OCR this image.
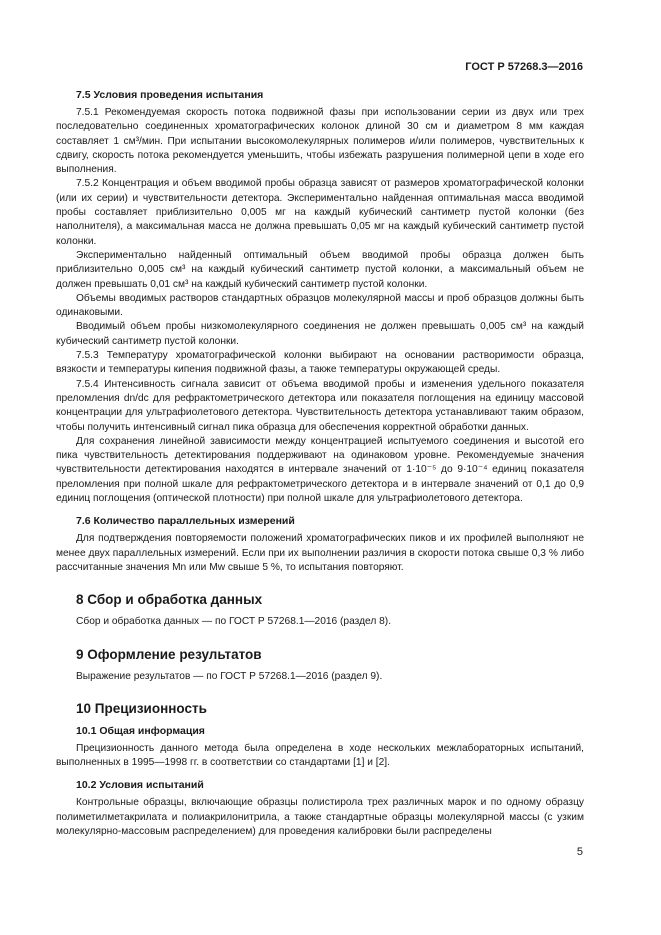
ГОСТ Р 57268.3—2016
7.5 Условия проведения испытания

7.5.1 Рекомендуемая скорость потока подвижной фазы при использовании серии из двух или трех последовательно соединенных хроматографических колонок длиной 30 см и диаметром 8 мм каждая составляет 1 см³/мин. При испытании высокомолекулярных полимеров и/или полимеров, чувствительных к сдвигу, скорость потока рекомендуется уменьшить, чтобы избежать разрушения полимерной цепи в ходе его выполнения.

7.5.2 Концентрация и объем вводимой пробы образца зависят от размеров хроматографической колонки (или их серии) и чувствительности детектора. Экспериментально найденная оптимальная масса вводимой пробы составляет приблизительно 0,005 мг на каждый кубический сантиметр пустой колонки (без наполнителя), а максимальная масса не должна превышать 0,05 мг на каждый кубический сантиметр пустой колонки.

Экспериментально найденный оптимальный объем вводимой пробы образца должен быть приблизительно 0,005 см³ на каждый кубический сантиметр пустой колонки, а максимальный объем не должен превышать 0,01 см³ на каждый кубический сантиметр пустой колонки.

Объемы вводимых растворов стандартных образцов молекулярной массы и проб образцов должны быть одинаковыми.

Вводимый объем пробы низкомолекулярного соединения не должен превышать 0,005 см³ на каждый кубический сантиметр пустой колонки.

7.5.3 Температуру хроматографической колонки выбирают на основании растворимости образца, вязкости и температуры кипения подвижной фазы, а также температуры окружающей среды.

7.5.4 Интенсивность сигнала зависит от объема вводимой пробы и изменения удельного показателя преломления dn/dc для рефрактометрического детектора или показателя поглощения на единицу массовой концентрации для ультрафиолетового детектора. Чувствительность детектора устанавливают таким образом, чтобы получить интенсивный сигнал пика образца для обеспечения корректной обработки данных.

Для сохранения линейной зависимости между концентрацией испытуемого соединения и высотой его пика чувствительность детектирования поддерживают на одинаковом уровне. Рекомендуемые значения чувствительности детектирования находятся в интервале значений от 1·10⁻⁵ до 9·10⁻⁴ единиц показателя преломления при полной шкале для рефрактометрического детектора и в интервале значений от 0,1 до 0,9 единиц поглощения (оптической плотности) при полной шкале для ультрафиолетового детектора.

7.6 Количество параллельных измерений

Для подтверждения повторяемости положений хроматографических пиков и их профилей выполняют не менее двух параллельных измерений. Если при их выполнении различия в скорости потока свыше 0,3 % либо рассчитанные значения Mn или Mw свыше 5 %, то испытания повторяют.

8 Сбор и обработка данных

Сбор и обработка данных — по ГОСТ Р 57268.1—2016 (раздел 8).

9 Оформление результатов

Выражение результатов — по ГОСТ Р 57268.1—2016 (раздел 9).

10 Прецизионность
10.1 Общая информация

Прецизионность данного метода была определена в ходе нескольких межлабораторных испытаний, выполненных в 1995—1998 гг. в соответствии со стандартами [1] и [2].

10.2 Условия испытаний

Контрольные образцы, включающие образцы полистирола трех различных марок и по одному образцу полиметилметакрилата и полиакрилонитрила, а также стандартные образцы молекулярной массы (с узким молекулярно-массовым распределением) для проведения калибровки были распределены

5
